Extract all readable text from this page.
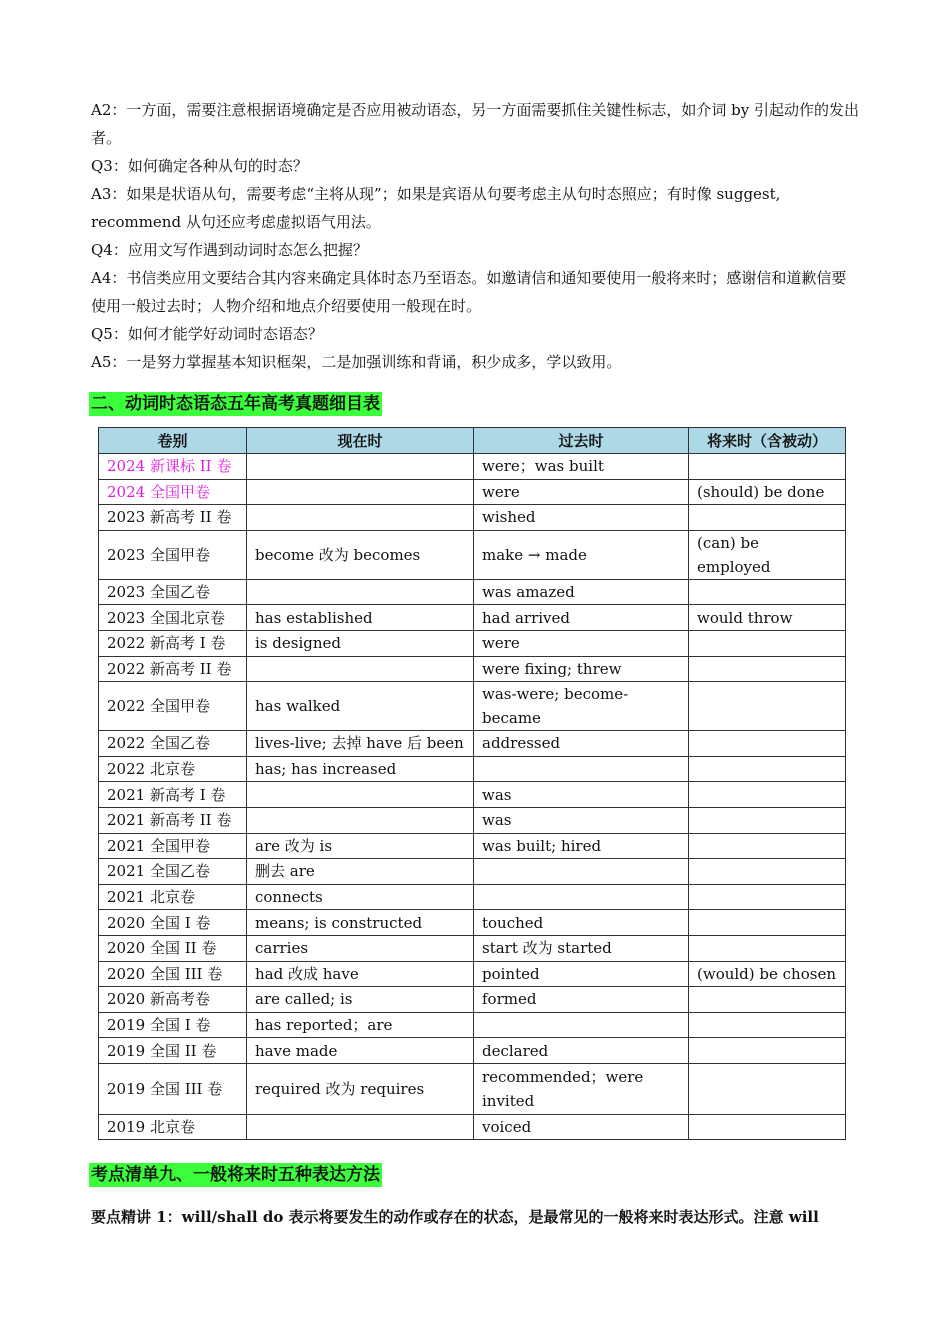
A2：一方面，需要注意根据语境确定是否应用被动语态，另一方面需要抓住关键性标志，如介词 by 引起动作的发出者。

Q3：如何确定各种从句的时态？

A3：如果是状语从句，需要考虑“主将从现”；如果是宾语从句要考虑主从句时态照应；有时像 suggest, recommend 从句还应考虑虚拟语气用法。

Q4：应用文写作遇到动词时态怎么把握？

A4：书信类应用文要结合其内容来确定具体时态乃至语态。如邀请信和通知要使用一般将来时；感谢信和道歉信要使用一般过去时；人物介绍和地点介绍要使用一般现在时。

Q5：如何才能学好动词时态语态？

A5：一是努力掌握基本知识框架，二是加强训练和背诵，积少成多，学以致用。

二、动词时态语态五年高考真题细目表
卷别	现在时	过去时	将来时（含被动）
2024 新课标 II 卷		were；was built	
2024 全国甲卷		were	(should) be done
2023 新高考 II 卷		wished	
2023 全国甲卷	become 改为 becomes	make → made	(can) be employed
2023 全国乙卷		was amazed	
2023 全国北京卷	has established	had arrived	would throw
2022 新高考 I 卷	is designed	were	
2022 新高考 II 卷		were fixing; threw	
2022 全国甲卷	has walked	was-were; become-became	
2022 全国乙卷	lives-live; 去掉 have 后 been	addressed	
2022 北京卷	has; has increased		
2021 新高考 I 卷		was	
2021 新高考 II 卷		was	
2021 全国甲卷	are 改为 is	was built; hired	
2021 全国乙卷	删去 are		
2021 北京卷	connects		
2020 全国 I 卷	means; is constructed	touched	
2020 全国 II 卷	carries	start 改为 started	
2020 全国 III 卷	had 改成 have	pointed	(would) be chosen
2020 新高考卷	are called; is	formed	
2019 全国 I 卷	has reported；are		
2019 全国 II 卷	have made	declared	
2019 全国 III 卷	required 改为 requires	recommended；were invited	
2019 北京卷		voiced	
考点清单九、一般将来时五种表达方法

要点精讲 1：will/shall do 表示将要发生的动作或存在的状态，是最常见的一般将来时表达形式。注意 will
